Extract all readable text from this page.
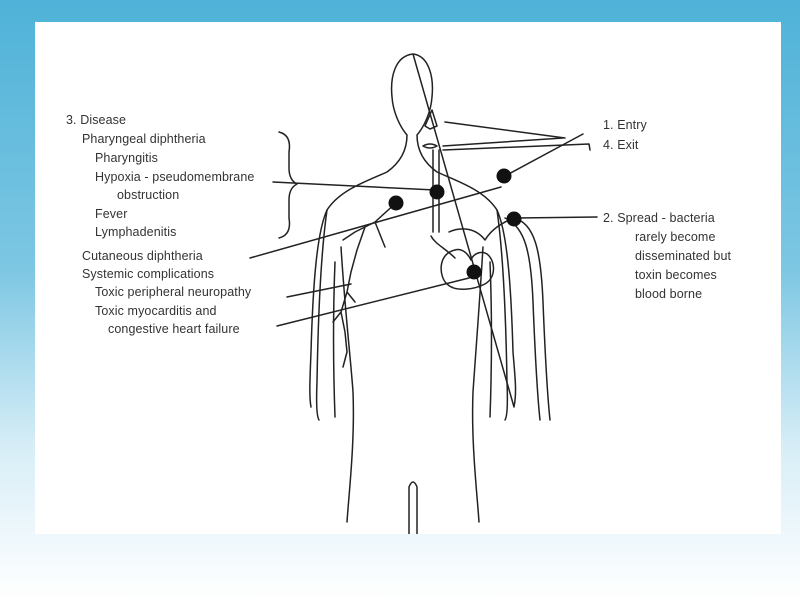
3. Disease
Pharyngeal diphtheria
Pharyngitis
Hypoxia - pseudomembrane
obstruction
Fever
Lymphadenitis
Cutaneous diphtheria
Systemic complications
Toxic peripheral neuropathy
Toxic myocarditis and
congestive heart failure
1. Entry
4. Exit
2. Spread - bacteria
rarely become
disseminated but
toxin becomes
blood borne
